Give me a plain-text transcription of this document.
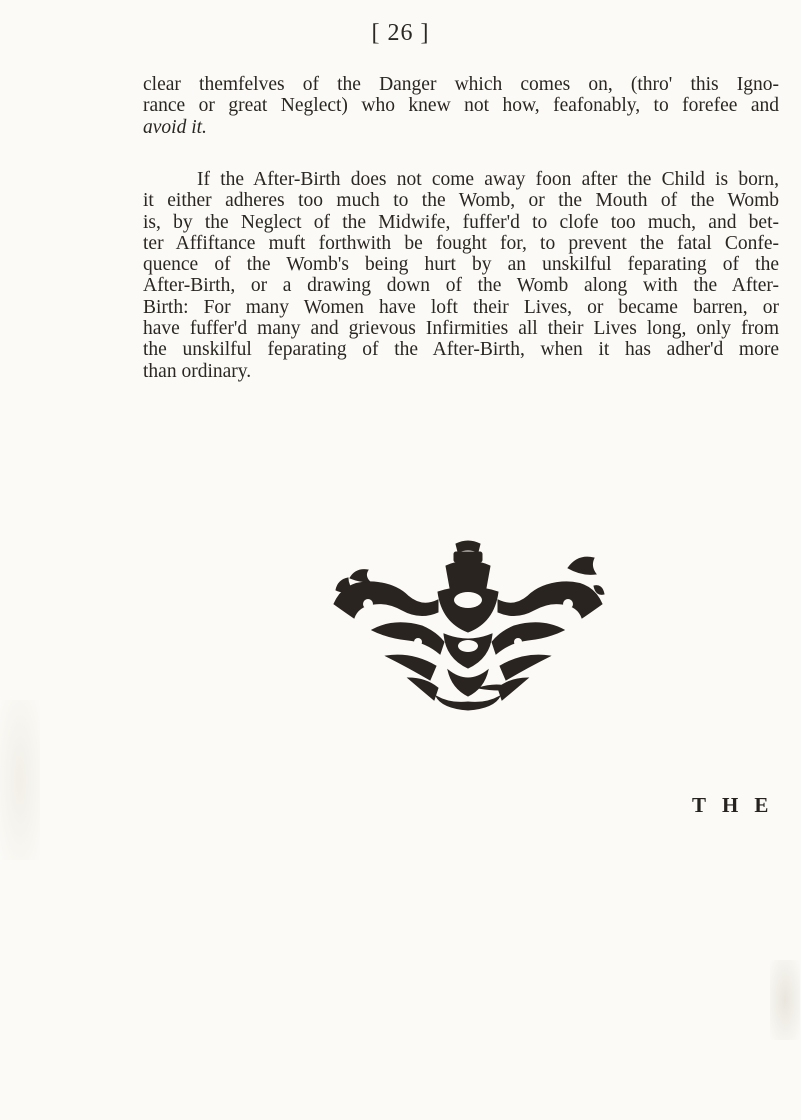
[ 26 ]
clear themfelves of the Danger which comes on, (thro' this Igno-
rance or great Neglect) who knew not how, feafonably, to forefee and
avoid it.
If the After-Birth does not come away foon after the Child is born,
it either adheres too much to the Womb, or the Mouth of the Womb
is, by the Neglect of the Midwife, fuffer'd to clofe too much, and bet-
ter Affiftance muft forthwith be fought for, to prevent the fatal Confe-
quence of the Womb's being hurt by an unskilful feparating of the
After-Birth, or a drawing down of the Womb along with the After-
Birth: For many Women have loft their Lives, or became barren, or
have fuffer'd many and grievous Infirmities all their Lives long, only from
the unskilful feparating of the After-Birth, when it has adher'd more
than ordinary.
THE
